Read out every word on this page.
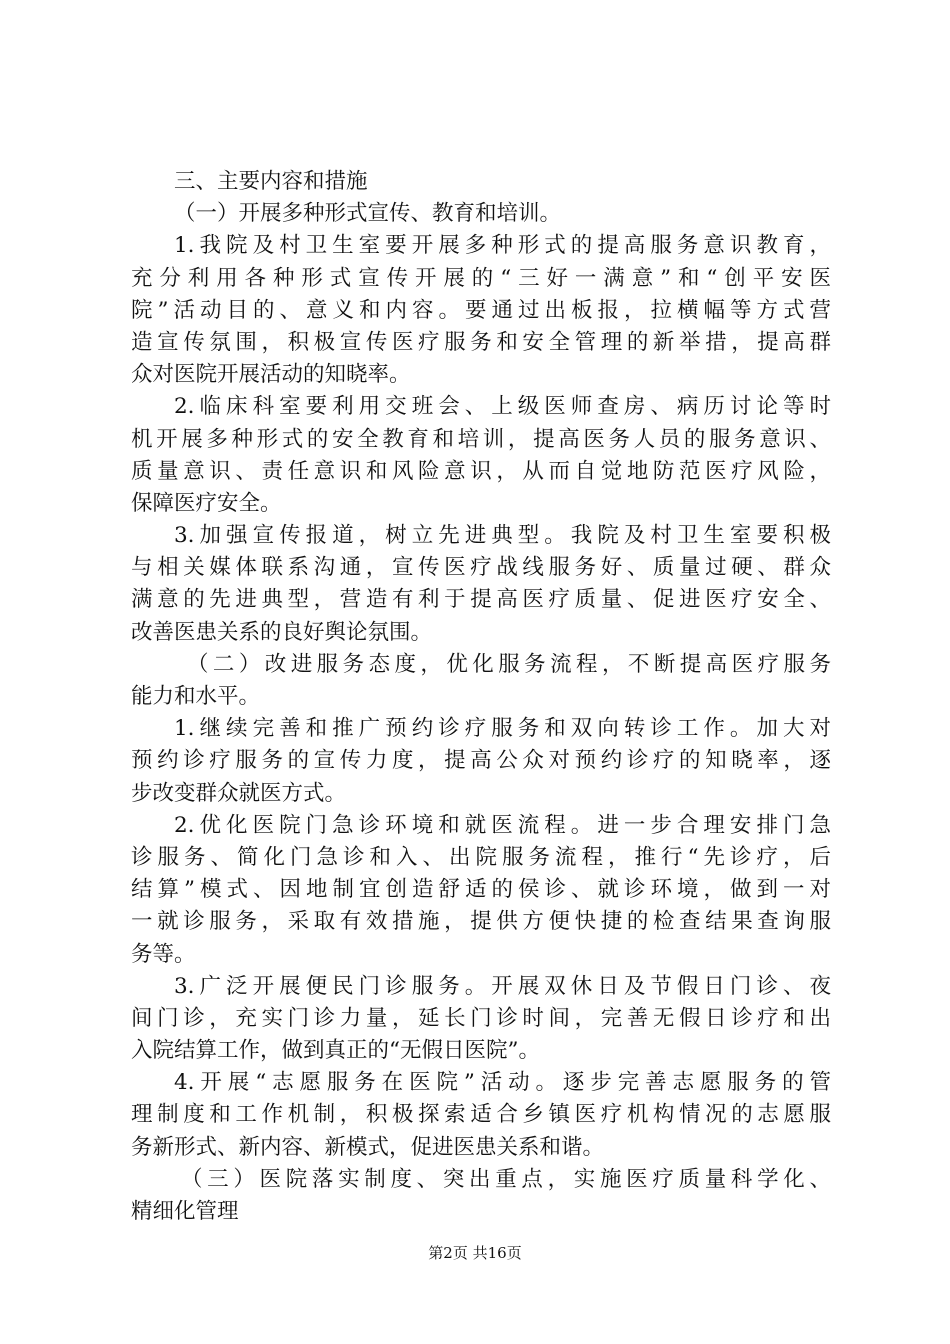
三、主要内容和措施
（一）开展多种形式宣传、教育和培训。
1.我院及村卫生室要开展多种形式的提高服务意识教育，
充分利用各种形式宣传开展的“三好一满意”和“创平安医
院”活动目的、意义和内容。要通过出板报，拉横幅等方式营
造宣传氛围，积极宣传医疗服务和安全管理的新举措，提高群
众对医院开展活动的知晓率。
2.临床科室要利用交班会、上级医师查房、病历讨论等时
机开展多种形式的安全教育和培训，提高医务人员的服务意识、
质量意识、责任意识和风险意识，从而自觉地防范医疗风险，
保障医疗安全。
3.加强宣传报道，树立先进典型。我院及村卫生室要积极
与相关媒体联系沟通，宣传医疗战线服务好、质量过硬、群众
满意的先进典型，营造有利于提高医疗质量、促进医疗安全、
改善医患关系的良好舆论氛围。
（二）改进服务态度，优化服务流程，不断提高医疗服务
能力和水平。
1.继续完善和推广预约诊疗服务和双向转诊工作。加大对
预约诊疗服务的宣传力度，提高公众对预约诊疗的知晓率，逐
步改变群众就医方式。
2.优化医院门急诊环境和就医流程。进一步合理安排门急
诊服务、简化门急诊和入、出院服务流程，推行“先诊疗，后
结算”模式、因地制宜创造舒适的侯诊、就诊环境，做到一对
一就诊服务，采取有效措施，提供方便快捷的检查结果查询服
务等。
3.广泛开展便民门诊服务。开展双休日及节假日门诊、夜
间门诊，充实门诊力量，延长门诊时间，完善无假日诊疗和出
入院结算工作，做到真正的“无假日医院”。
4.开展“志愿服务在医院”活动。逐步完善志愿服务的管
理制度和工作机制，积极探索适合乡镇医疗机构情况的志愿服
务新形式、新内容、新模式，促进医患关系和谐。
（三）医院落实制度、突出重点，实施医疗质量科学化、
精细化管理
第2页 共16页
